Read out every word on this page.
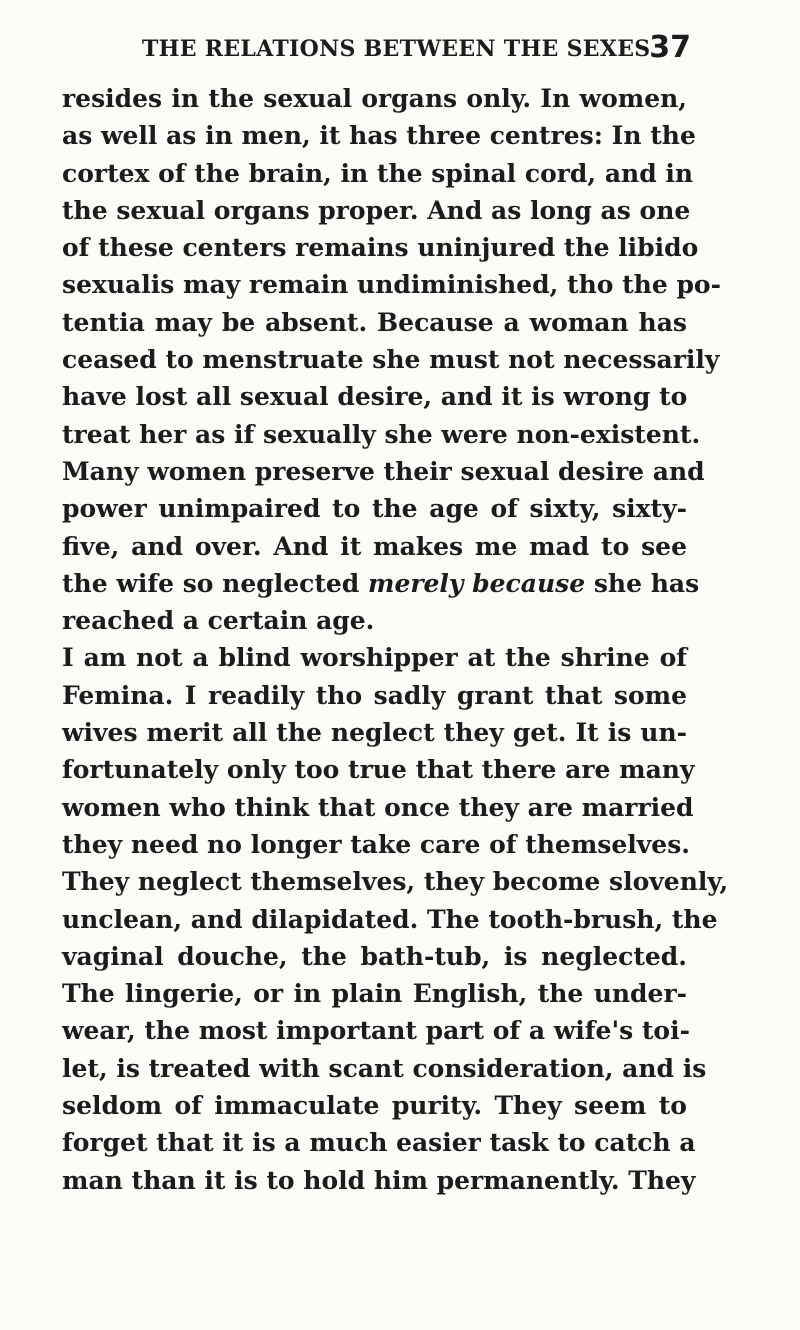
THE RELATIONS BETWEEN THE SEXES
37
resides in the sexual organs only. In women,
as well as in men, it has three centres: In the
cortex of the brain, in the spinal cord, and in
the sexual organs proper. And as long as one
of these centers remains uninjured the libido
sexualis may remain undiminished, tho the po-
tentia may be absent. Because a woman has
ceased to menstruate she must not necessarily
have lost all sexual desire, and it is wrong to
treat her as if sexually she were non-existent.
Many women preserve their sexual desire and
power unimpaired to the age of sixty, sixty-
five, and over. And it makes me mad to see
the wife so neglected merely because she has
reached a certain age.
I am not a blind worshipper at the shrine of
Femina. I readily tho sadly grant that some
wives merit all the neglect they get. It is un-
fortunately only too true that there are many
women who think that once they are married
they need no longer take care of themselves.
They neglect themselves, they become slovenly,
unclean, and dilapidated. The tooth-brush, the
vaginal douche, the bath-tub, is neglected.
The lingerie, or in plain English, the under-
wear, the most important part of a wife's toi-
let, is treated with scant consideration, and is
seldom of immaculate purity. They seem to
forget that it is a much easier task to catch a
man than it is to hold him permanently. They
